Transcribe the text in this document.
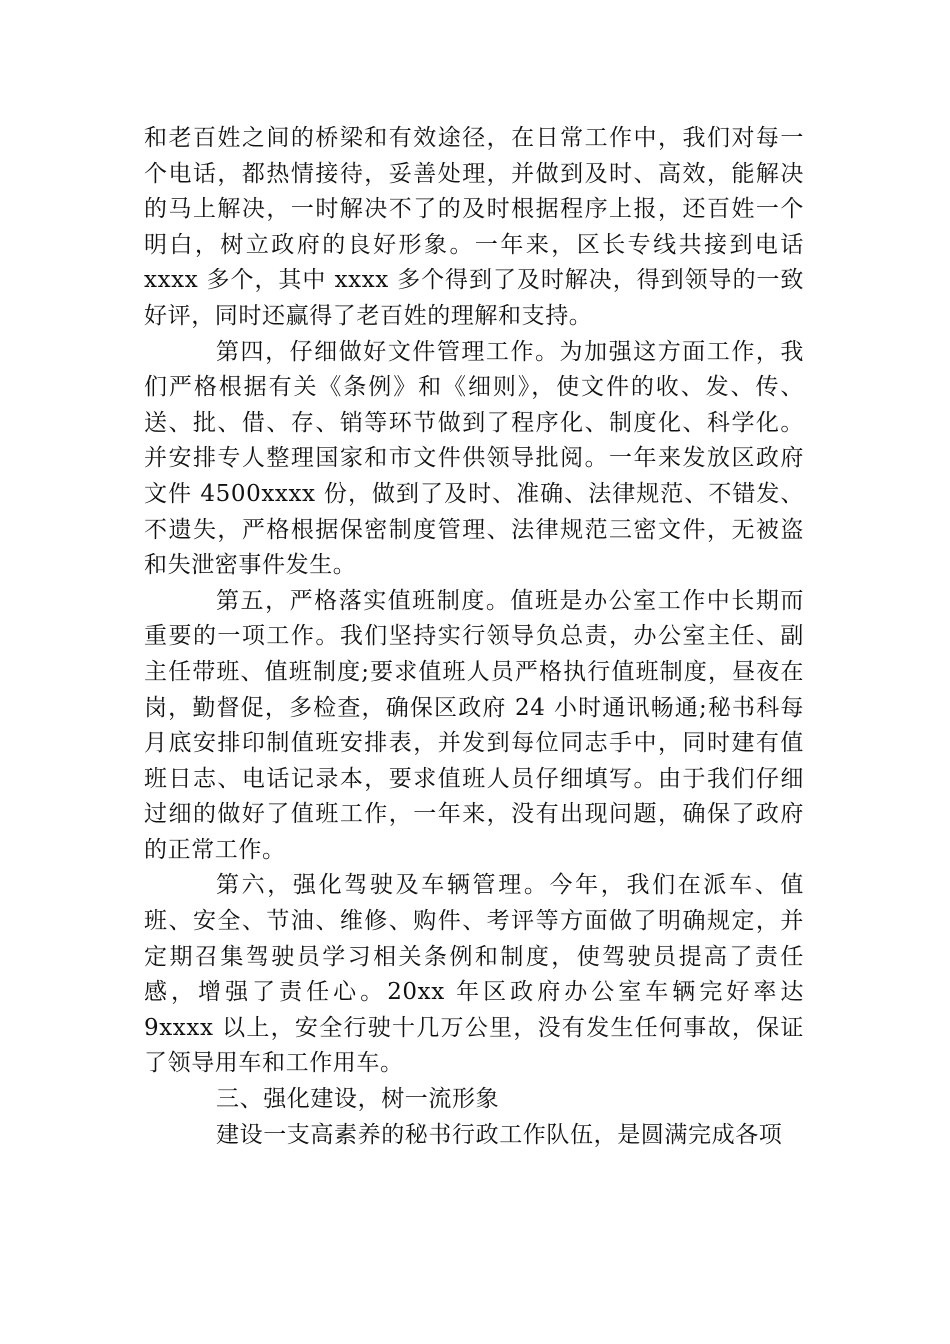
和老百姓之间的桥梁和有效途径，在日常工作中，我们对每一个电话，都热情接待，妥善处理，并做到及时、高效，能解决的马上解决，一时解决不了的及时根据程序上报，还百姓一个明白，树立政府的良好形象。一年来，区长专线共接到电话 xxxx 多个，其中 xxxx 多个得到了及时解决，得到领导的一致好评，同时还赢得了老百姓的理解和支持。

第四，仔细做好文件管理工作。为加强这方面工作，我们严格根据有关《条例》和《细则》，使文件的收、发、传、送、批、借、存、销等环节做到了程序化、制度化、科学化。并安排专人整理国家和市文件供领导批阅。一年来发放区政府文件 4500xxxx 份，做到了及时、准确、法律规范、不错发、不遗失，严格根据保密制度管理、法律规范三密文件，无被盗和失泄密事件发生。

第五，严格落实值班制度。值班是办公室工作中长期而重要的一项工作。我们坚持实行领导负总责，办公室主任、副主任带班、值班制度;要求值班人员严格执行值班制度，昼夜在岗，勤督促，多检查，确保区政府 24 小时通讯畅通;秘书科每月底安排印制值班安排表，并发到每位同志手中，同时建有值班日志、电话记录本，要求值班人员仔细填写。由于我们仔细过细的做好了值班工作，一年来，没有出现问题，确保了政府的正常工作。

第六，强化驾驶及车辆管理。今年，我们在派车、值班、安全、节油、维修、购件、考评等方面做了明确规定，并定期召集驾驶员学习相关条例和制度，使驾驶员提高了责任感，增强了责任心。20xx 年区政府办公室车辆完好率达 9xxxx 以上，安全行驶十几万公里，没有发生任何事故，保证了领导用车和工作用车。

三、强化建设，树一流形象

建设一支高素养的秘书行政工作队伍，是圆满完成各项
